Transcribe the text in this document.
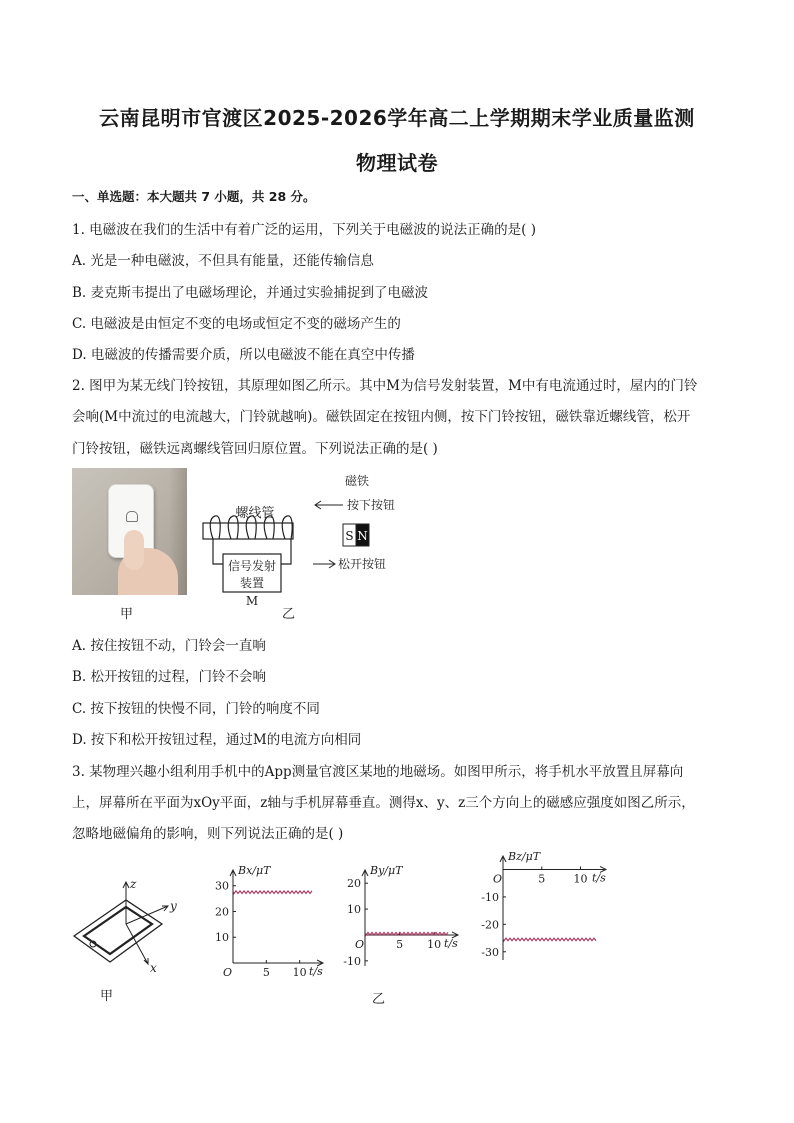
云南昆明市官渡区2025-2026学年高二上学期期末学业质量监测
物理试卷
一、单选题：本大题共 7 小题，共 28 分。
1. 电磁波在我们的生活中有着广泛的运用，下列关于电磁波的说法正确的是( )
A. 光是一种电磁波，不但具有能量，还能传输信息
B. 麦克斯韦提出了电磁场理论，并通过实验捕捉到了电磁波
C. 电磁波是由恒定不变的电场或恒定不变的磁场产生的
D. 电磁波的传播需要介质，所以电磁波不能在真空中传播
2. 图甲为某无线门铃按钮，其原理如图乙所示。其中M为信号发射装置，M中有电流通过时，屋内的门铃
会响(M中流过的电流越大，门铃就越响)。磁铁固定在按钮内侧，按下门铃按钮，磁铁靠近螺线管，松开
门铃按钮，磁铁远离螺线管回归原位置。下列说法正确的是( )
甲
螺线管
信号发射
装置
M
磁铁
按下按钮
S N
松开按钮
乙
A. 按住按钮不动，门铃会一直响
B. 松开按钮的过程，门铃不会响
C. 按下按钮的快慢不同，门铃的响度不同
D. 按下和松开按钮过程，通过M的电流方向相同
3. 某物理兴趣小组利用手机中的App测量官渡区某地的地磁场。如图甲所示，将手机水平放置且屏幕向
上，屏幕所在平面为xOy平面，z轴与手机屏幕垂直。测得x、y、z三个方向上的磁感应强度如图乙所示，
忽略地磁偏角的影响，则下列说法正确的是( )
z
y
x
甲
Bx/μT
t/s
O	5 10
10
20
30
By/μT
t/s
O	5 10
20
10
-10
Bz/μT
t/s
O	5	10
-10
-20
-30
乙
